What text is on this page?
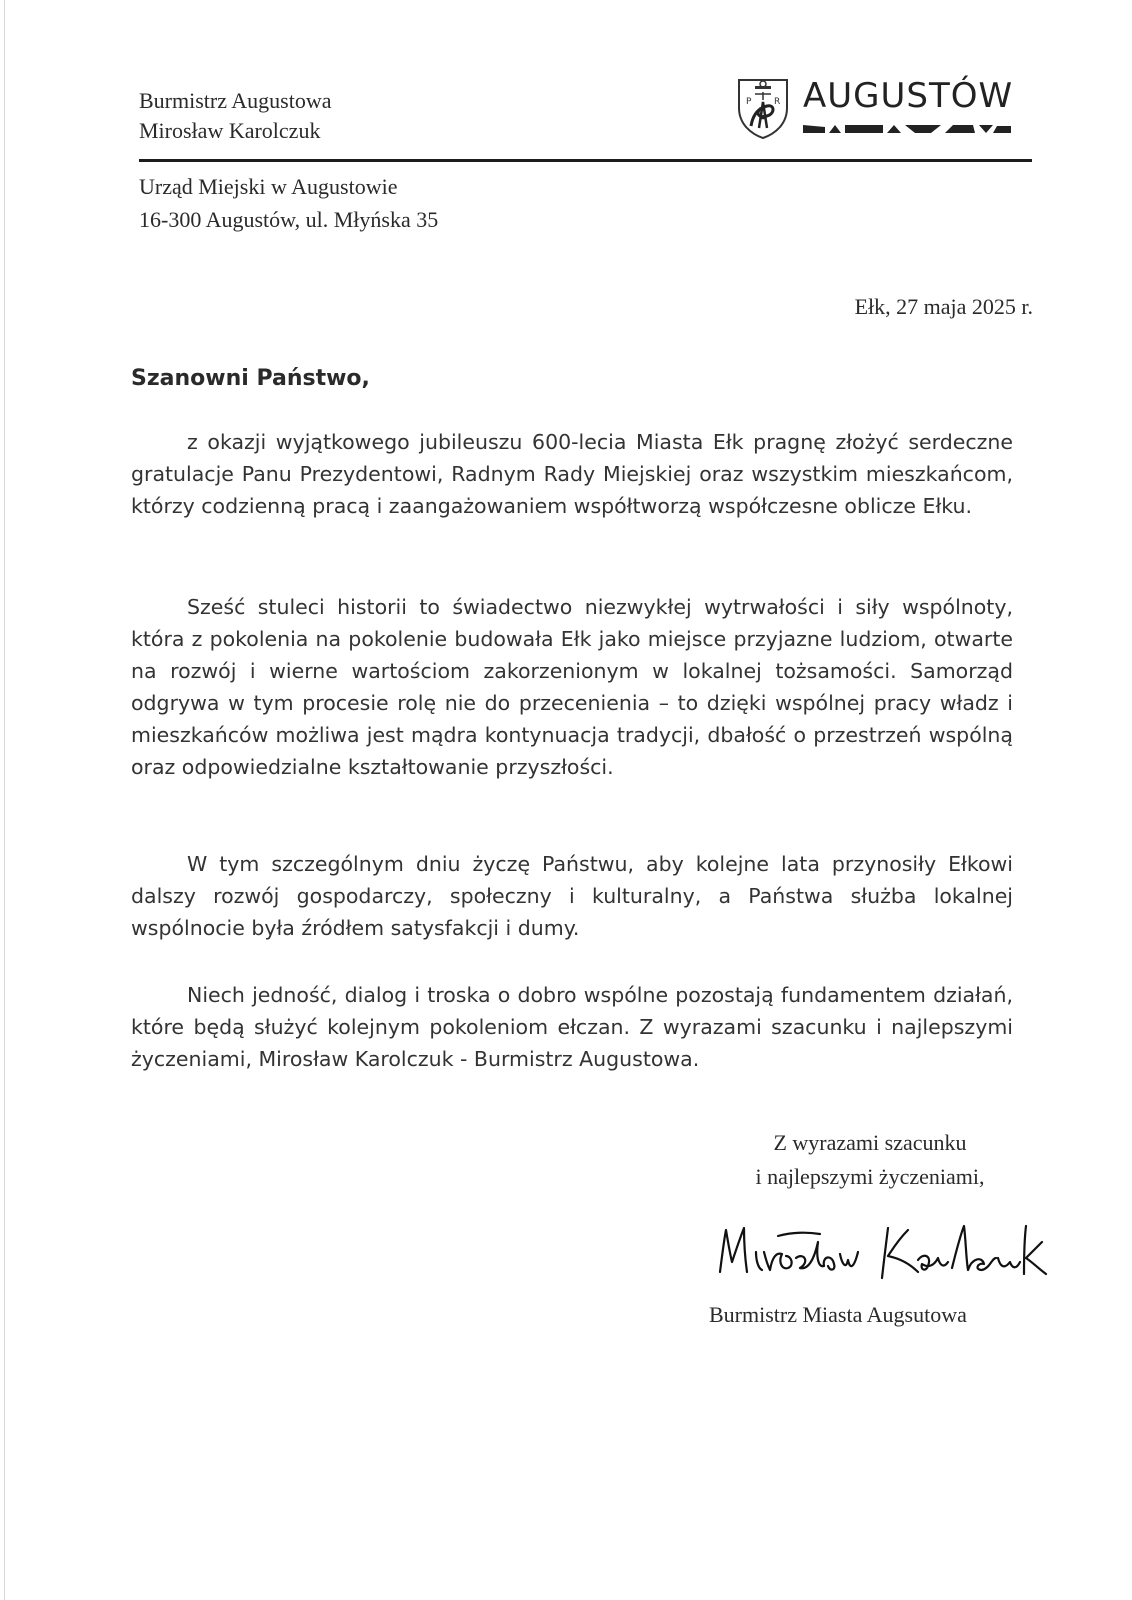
Burmistrz Augustowa
Mirosław Karolczuk
P	R AUGUSTÓW
Urząd Miejski w Augustowie
16-300 Augustów, ul. Młyńska 35
Ełk, 27 maja 2025 r.
Szanowni Państwo,

z okazji wyjątkowego jubileuszu 600-lecia Miasta Ełk pragnę złożyć serdeczne gratulacje Panu Prezydentowi, Radnym Rady Miejskiej oraz wszystkim mieszkańcom, którzy codzienną pracą i zaangażowaniem współtworzą współczesne oblicze Ełku.

Sześć stuleci historii to świadectwo niezwykłej wytrwałości i siły wspólnoty, która z pokolenia na pokolenie budowała Ełk jako miejsce przyjazne ludziom, otwarte na rozwój i wierne wartościom zakorzenionym w lokalnej tożsamości. Samorząd odgrywa w tym procesie rolę nie do przecenienia – to dzięki wspólnej pracy władz i mieszkańców możliwa jest mądra kontynuacja tradycji, dbałość o przestrzeń wspólną oraz odpowiedzialne kształtowanie przyszłości.

W tym szczególnym dniu życzę Państwu, aby kolejne lata przynosiły Ełkowi dalszy rozwój gospodarczy, społeczny i kulturalny, a Państwa służba lokalnej wspólnocie była źródłem satysfakcji i dumy.

Niech jedność, dialog i troska o dobro wspólne pozostają fundamentem działań, które będą służyć kolejnym pokoleniom ełczan. Z wyrazami szacunku i najlepszymi życzeniami, Mirosław Karolczuk - Burmistrz Augustowa.

Z wyrazami szacunku
i najlepszymi życzeniami,
Burmistrz Miasta Augsutowa
